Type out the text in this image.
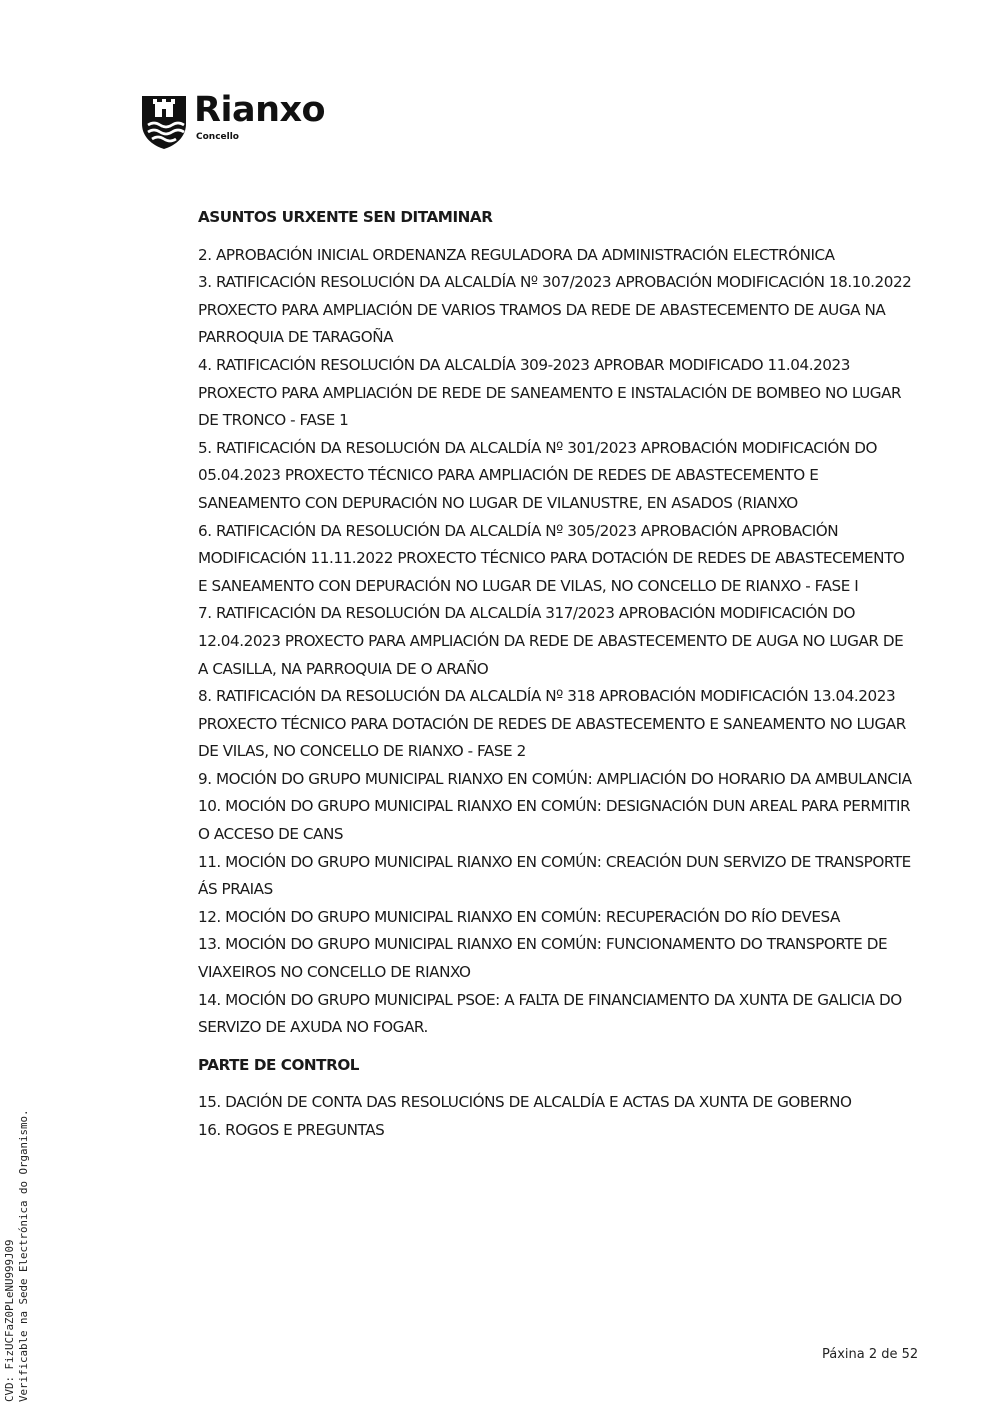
Rianxo
Concello
ASUNTOS URXENTE SEN DITAMINAR
2. APROBACIÓN INICIAL ORDENANZA REGULADORA DA ADMINISTRACIÓN ELECTRÓNICA
3. RATIFICACIÓN RESOLUCIÓN DA ALCALDÍA Nº 307/2023 APROBACIÓN MODIFICACIÓN 18.10.2022 PROXECTO PARA AMPLIACIÓN DE VARIOS TRAMOS DA REDE DE ABASTECEMENTO DE AUGA NA PARROQUIA DE TARAGOÑA
4. RATIFICACIÓN RESOLUCIÓN DA ALCALDÍA 309-2023 APROBAR MODIFICADO 11.04.2023 PROXECTO PARA AMPLIACIÓN DE REDE DE SANEAMENTO E INSTALACIÓN DE BOMBEO NO LUGAR DE TRONCO - FASE 1
5. RATIFICACIÓN DA RESOLUCIÓN DA ALCALDÍA Nº 301/2023 APROBACIÓN MODIFICACIÓN DO 05.04.2023 PROXECTO TÉCNICO PARA AMPLIACIÓN DE REDES DE ABASTECEMENTO E SANEAMENTO CON DEPURACIÓN NO LUGAR DE VILANUSTRE, EN ASADOS (RIANXO
6. RATIFICACIÓN DA RESOLUCIÓN DA ALCALDÍA Nº 305/2023 APROBACIÓN APROBACIÓN MODIFICACIÓN 11.11.2022 PROXECTO TÉCNICO PARA DOTACIÓN DE REDES DE ABASTECEMENTO E SANEAMENTO CON DEPURACIÓN NO LUGAR DE VILAS, NO CONCELLO DE RIANXO - FASE I
7. RATIFICACIÓN DA RESOLUCIÓN DA ALCALDÍA 317/2023 APROBACIÓN MODIFICACIÓN DO 12.04.2023 PROXECTO PARA AMPLIACIÓN DA REDE DE ABASTECEMENTO DE AUGA NO LUGAR DE A CASILLA, NA PARROQUIA DE O ARAÑO
8. RATIFICACIÓN DA RESOLUCIÓN DA ALCALDÍA Nº 318 APROBACIÓN MODIFICACIÓN 13.04.2023 PROXECTO TÉCNICO PARA DOTACIÓN DE REDES DE ABASTECEMENTO E SANEAMENTO NO LUGAR DE VILAS, NO CONCELLO DE RIANXO - FASE 2
9. MOCIÓN DO GRUPO MUNICIPAL RIANXO EN COMÚN: AMPLIACIÓN DO HORARIO DA AMBULANCIA
10. MOCIÓN DO GRUPO MUNICIPAL RIANXO EN COMÚN: DESIGNACIÓN DUN AREAL PARA PERMITIR O ACCESO DE CANS
11. MOCIÓN DO GRUPO MUNICIPAL RIANXO EN COMÚN: CREACIÓN DUN SERVIZO DE TRANSPORTE ÁS PRAIAS
12. MOCIÓN DO GRUPO MUNICIPAL RIANXO EN COMÚN: RECUPERACIÓN DO RÍO DEVESA
13. MOCIÓN DO GRUPO MUNICIPAL RIANXO EN COMÚN: FUNCIONAMENTO DO TRANSPORTE DE VIAXEIROS NO CONCELLO DE RIANXO
14. MOCIÓN DO GRUPO MUNICIPAL PSOE: A FALTA DE FINANCIAMENTO DA XUNTA DE GALICIA DO SERVIZO DE AXUDA NO FOGAR.
PARTE DE CONTROL
15. DACIÓN DE CONTA DAS RESOLUCIÓNS DE ALCALDÍA E ACTAS DA XUNTA DE GOBERNO
16. ROGOS E PREGUNTAS
Páxina 2 de 52
CVD: FizUCFaZ0PLeNU999J09 Verificable na Sede Electrónica do Organismo.
